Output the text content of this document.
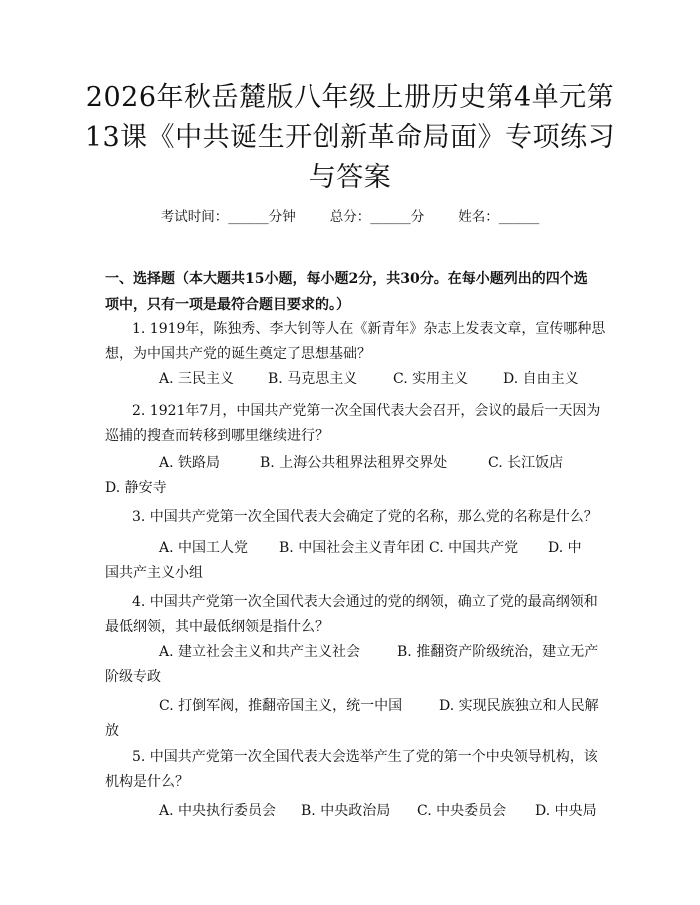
2026年秋岳麓版八年级上册历史第4单元第
13课《中共诞生开创新革命局面》专项练习
与答案
考试时间：______分钟	总分：______分	姓名：______
一、选择题（本大题共15小题，每小题2分，共30分。在每小题列出的四个选
项中，只有一项是最符合题目要求的。）
1. 1919年，陈独秀、李大钊等人在《新青年》杂志上发表文章，宣传哪种思
想，为中国共产党的诞生奠定了思想基础？
A. 三民主义 B. 马克思主义	C. 实用主义 D. 自由主义
2. 1921年7月，中国共产党第一次全国代表大会召开，会议的最后一天因为
巡捕的搜查而转移到哪里继续进行？
A. 铁路局	B. 上海公共租界法租界交界处	C. 长江饭店
D. 静安寺
3. 中国共产党第一次全国代表大会确定了党的名称，那么党的名称是什么？
A. 中国工人党 B. 中国社会主义青年团 C. 中国共产党 D. 中
国共产主义小组
4. 中国共产党第一次全国代表大会通过的党的纲领，确立了党的最高纲领和
最低纲领，其中最低纲领是指什么？
A. 建立社会主义和共产主义社会	B. 推翻资产阶级统治，建立无产
阶级专政
C. 打倒军阀，推翻帝国主义，统一中国	D. 实现民族独立和人民解
放
5. 中国共产党第一次全国代表大会选举产生了党的第一个中央领导机构，该
机构是什么？
A. 中央执行委员会 B. 中央政治局 C. 中央委员会 D. 中央局
